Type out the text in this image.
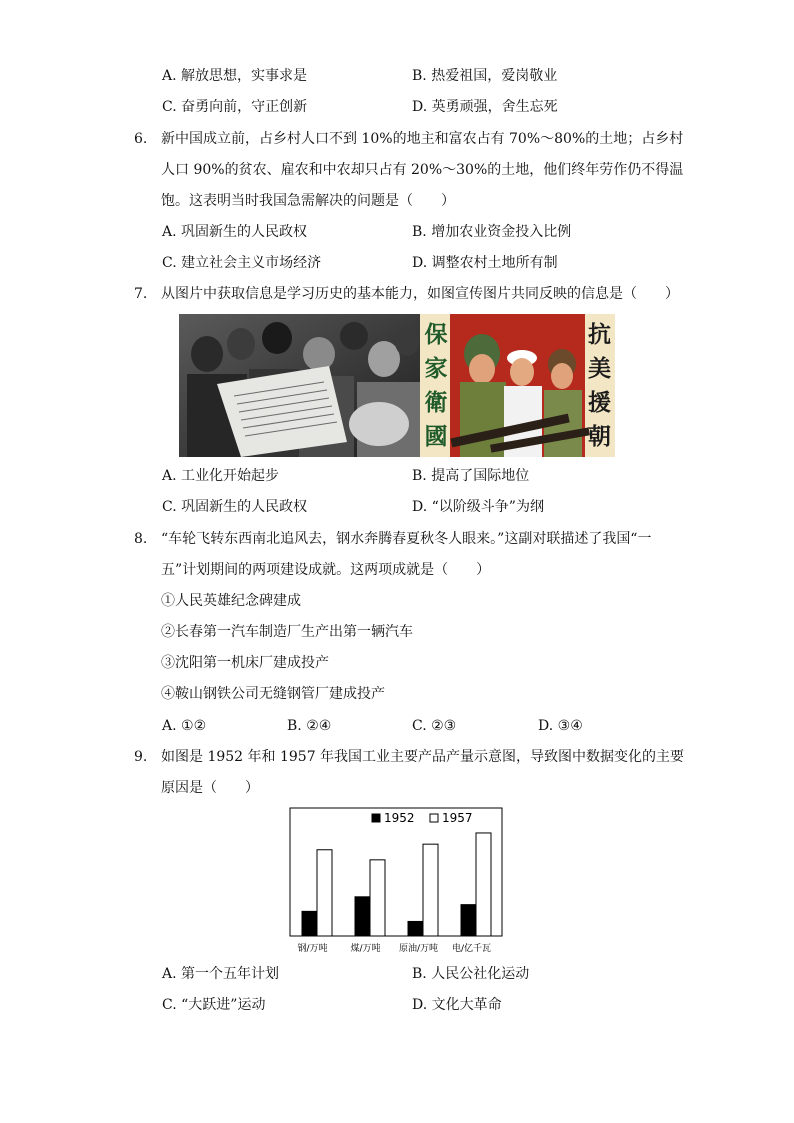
A. 解放思想，实事求是	B. 热爱祖国，爱岗敬业
C. 奋勇向前，守正创新	D. 英勇顽强，舍生忘死
6. 新中国成立前，占乡村人口不到 10%的地主和富农占有 70%～80%的土地；占乡村
人口 90%的贫农、雇农和中农却只占有 20%～30%的土地，他们终年劳作仍不得温
饱。这表明当时我国急需解决的问题是（　　）
A. 巩固新生的人民政权	B. 增加农业资金投入比例
C. 建立社会主义市场经济	D. 调整农村土地所有制
7. 从图片中获取信息是学习历史的基本能力，如图宣传图片共同反映的信息是（　　）
保
家
衛
國
抗
美
援
朝
A. 工业化开始起步	B. 提高了国际地位
C. 巩固新生的人民政权	D. “以阶级斗争”为纲
8. “车轮飞转东西南北追风去，钢水奔腾春夏秋冬人眼来。”这副对联描述了我国“一
五”计划期间的两项建设成就。这两项成就是（　　）
①人民英雄纪念碑建成
②长春第一汽车制造厂生产出第一辆汽车
③沈阳第一机床厂建成投产
④鞍山钢铁公司无缝钢管厂建成投产
A. ①②	B. ②④	C. ②③	D. ③④
9. 如图是 1952 年和 1957 年我国工业主要产品产量示意图，导致图中数据变化的主要
原因是（　　）
1952 1957
钢/万吨	煤/万吨 原油/万吨 电/亿千瓦
A. 第一个五年计划	B. 人民公社化运动
C. “大跃进”运动	D. 文化大革命
